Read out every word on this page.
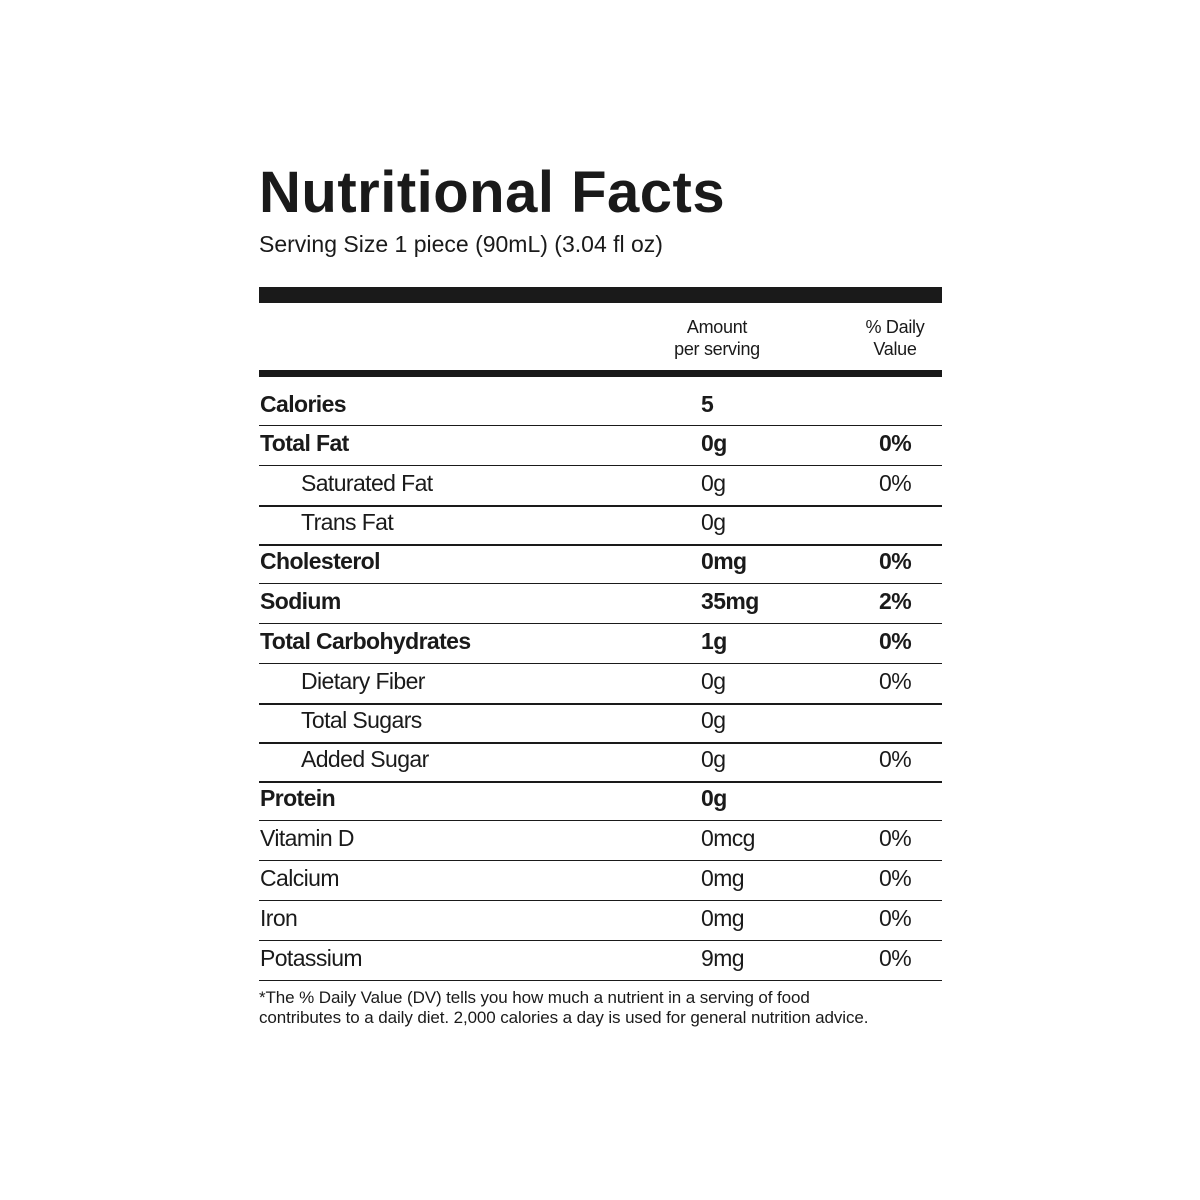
Nutritional Facts
Serving Size 1 piece (90mL) (3.04 fl oz)
Amount
per serving
% Daily
Value
Calories	5
Total Fat	0g	0%
Saturated Fat	0g	0%
Trans Fat	0g
Cholesterol	0mg	0%
Sodium	35mg	2%
Total Carbohydrates	1g	0%
Dietary Fiber	0g	0%
Total Sugars	0g
Added Sugar	0g	0%
Protein	0g
Vitamin D	0mcg	0%
Calcium	0mg	0%
Iron	0mg	0%
Potassium	9mg	0%
*The % Daily Value (DV) tells you how much a nutrient in a serving of food contributes to a daily diet. 2,000 calories a day is used for general nutrition advice.
